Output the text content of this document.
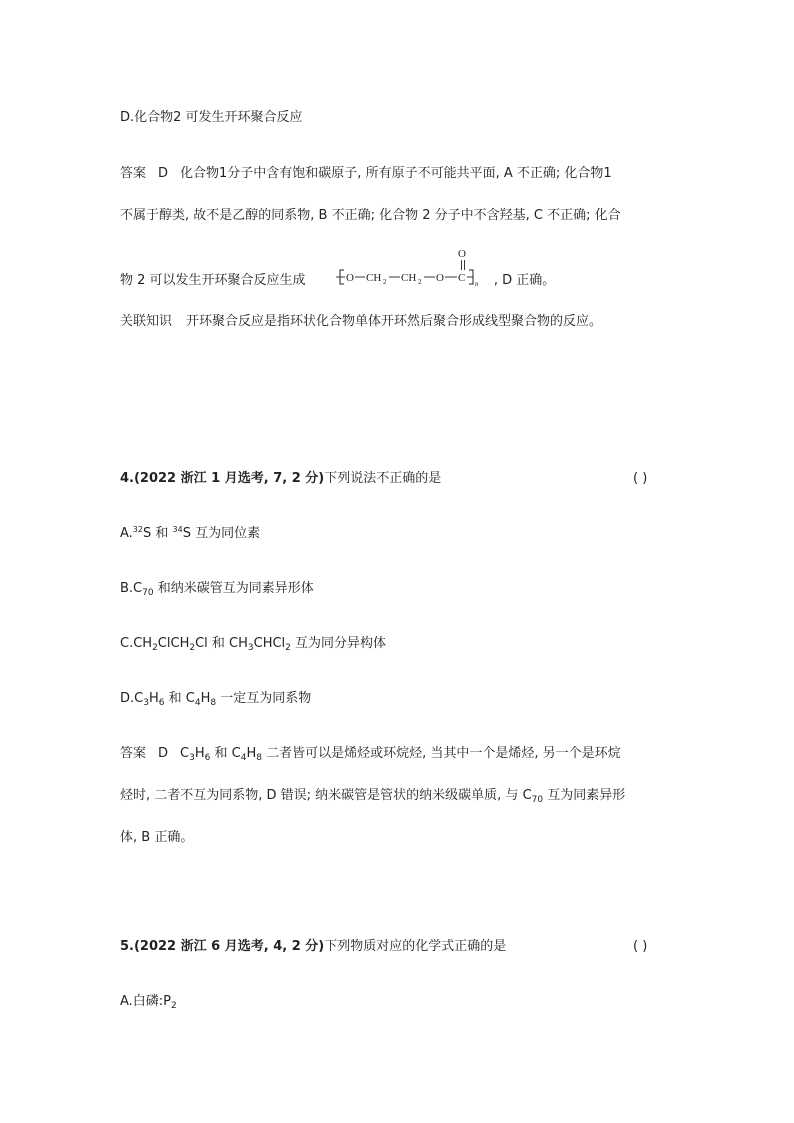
D.化合物2 可发生开环聚合反应
答案 D 化合物1分子中含有饱和碳原子, 所有原子不可能共平面, A 不正确; 化合物1
不属于醇类, 故不是乙醇的同系物, B 不正确; 化合物 2 分子中不含羟基, C 不正确; 化合
物 2 可以发生开环聚合反应生成	, D 正确。
O CH 2 CH 2 O C
O
n
关联知识 开环聚合反应是指环状化合物单体开环然后聚合形成线型聚合物的反应。
4.(2022 浙江 1 月选考, 7, 2 分)下列说法不正确的是	( )
A.$^{32}$S 和 $^{34}$S 互为同位素
$B.C_{70}$ 和纳米碳管互为同素异形体
$C.CH_2ClCH_2Cl$ 和 $CH_3CHCl_2$ 互为同分异构体
$D.C_3H_6$ 和 $C_4H_8$ 一定互为同系物
答案 D $C_3H_6$ 和 $C_4H_8$ 二者皆可以是烯烃或环烷烃, 当其中一个是烯烃, 另一个是环烷
烃时, 二者不互为同系物, D 错误; 纳米碳管是管状的纳米级碳单质, 与 $C_{70}$ 互为同素异形
体, B 正确。
5.(2022 浙江 6 月选考, 4, 2 分)下列物质对应的化学式正确的是	( )
A.白磷$:P_2$
